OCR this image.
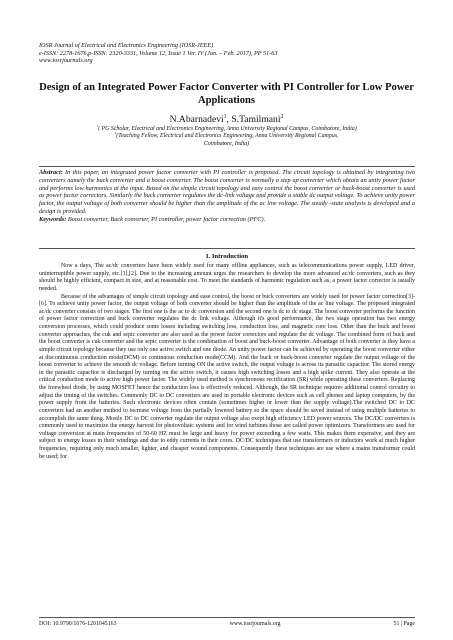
IOSR Journal of Electrical and Electronics Engineering (IOSR-JEEE)
e-ISSN: 2278-1676,p-ISSN: 2320-3331, Volume 12, Issue 1 Ver. IV (Jan. – Feb. 2017), PP 51-63
www.iosrjournals.org
Design of an Integrated Power Factor Converter with PI Controller for Low Power Applications
N.Abarnadevi$^1$, S.Tamilmani$^2$
$^1$( PG Scholar, Electrical and Electronics Engineering, Anna University Regional Campus, Coimbatore, India)
$^2$(Teaching Fellow, Electrical and Electronics Engineering, Anna University Regional Campus,
Coimbatore, India)
Abstract: In this paper, an integrated power factor converter with PI controller is proposed. The circuit topology is obtained by integrating two converters namely the buck converter and a boost converter. The boost converter is normally a step up converter which obtain an unity power factor and performs low harmonics at the input. Based on the simple circuit topology and easy control the boost converter or buck-boost converter is used as power factor correctors. Similarly the buck converter regulates the dc-link voltage and provide a stable dc output voltage. To achieve unity power factor, the output voltage of both converter should be higher than the amplitude of the ac line voltage. The steady -state analysis is developed and a design is provided.
Keywords: Boost converter, Buck converter, PI controller, power factor correction (PFC).
I. Introduction

Now a days, The ac/dc converters have been widely used for many offline appliances, such as telecommunications power supply, LED driver, uninterruptible power supply, etc.[1],[2]. Due to the increasing amount urges the researchers to develop the more advanced ac/dc converters, such as they should be highly efficient, compact in size, and at reasonable cost. To meet the standards of harmonic regulation such as, a power factor corrector is usually needed.

Because of the advantages of simple circuit topology and ease control, the boost or buck converters are widely used for power factor correction[3]-[6]. To achieve unity power factor, the output voltage of both converter should be higher than the amplitude of the ac line voltage. The proposed integrated ac/dc converter consists of two stages. The first one is the ac to dc conversion and the second one is dc to dc stage. The boost converter performs the function of power factor correction and buck converter regulates the dc link voltage. Although it's good performance, the two stage operation has two energy conversion processes, which could produce some losses including switching loss, conduction loss, and magnetic core loss. Other than the buck and boost converter approaches, the cuk and sepic converter are also used as the power factor correctors and regulate the dc voltage. The combined form of buck and the boost converter is cuk converter and the sepic converter is the combination of boost and buck-boost converter. Advantage of both converter is they have a simple circuit topology because they use only one active switch and one diode. An unity power factor can be achieved by operating the boost converter either at discontinuous conduction mode(DCM) or continuous conduction mode(CCM). And the buck or buck-boost converter regulate the output voltage of the boost converter to achieve the smooth dc voltage. Before turning ON the active switch, the output voltage is across its parasitic capacitor. The stored energy in the parasitic capacitor is discharged by turning on the active switch, it causes high switching losses and a high spike current. They also operate at the critical conduction mode to active high power factor. The widely used method is synchronous rectification (SR) while operating these converters. Replacing the freewheel diode, by using MOSFET hence the conduction loss is effectively reduced. Although, the SR technique requires additional control circuitry to adjust the timing of the switches. Commonly DC to DC converters are used in portable electronic devices such as cell phones and laptop computers, by the power supply from the batteries. Such electronic devices often contain (sometimes higher or lower than the supply voltage).The switched DC to DC converters had an another method to increase voltage from the partially lowered battery so the space should be saved instead of using multiple batteries to accomplish the same thing. Mostly DC to DC converter regulate the output voltage also exept high efficiency LED power sources. The DC/DC converters is commonly used to maximize the energy harvest for photovoltaic systems and for wind turbines those are called power optimizers. Transformers are used for voltage conversion at main frequencies of 50-60 HZ must be large and heavy for power exceeding a few watts. This makes them expensive, and they are subject to energy losses in their windings and due to eddy currents in their cores. DC/DC techniques that use transformers or inductors work at much higher frequencies, requiring only much smaller, lighter, and cheaper wound components. Consequently these techniques are use where a mains transformer could be used; for

DOI: 10.9790/1676-1201045163	www.iosrjournals.org	51 | Page
